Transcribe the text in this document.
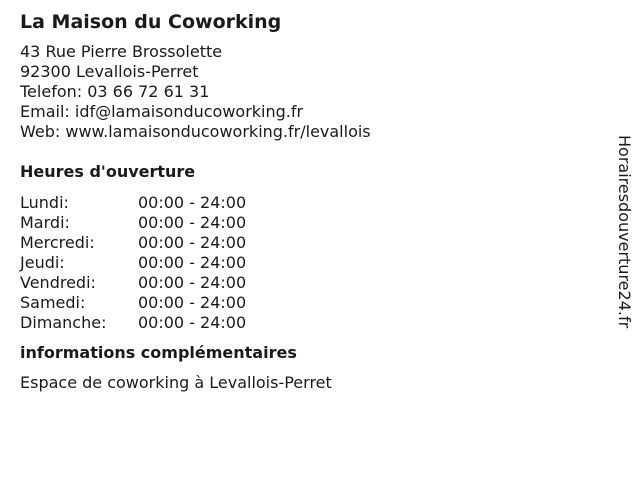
La Maison du Coworking

43 Rue Pierre Brossolette

92300 Levallois-Perret

Telefon: 03 66 72 61 31

Email: idf@lamaisonducoworking.fr

Web: www.lamaisonducoworking.fr/levallois

Heures d'ouverture
Lundi:	00:00 - 24:00
Mardi:	00:00 - 24:00
Mercredi:	00:00 - 24:00
Jeudi:	00:00 - 24:00
Vendredi:	00:00 - 24:00
Samedi:	00:00 - 24:00
Dimanche: 00:00 - 24:00
informations complémentaires

Espace de coworking à Levallois-Perret

Horairesdouverture24.fr
